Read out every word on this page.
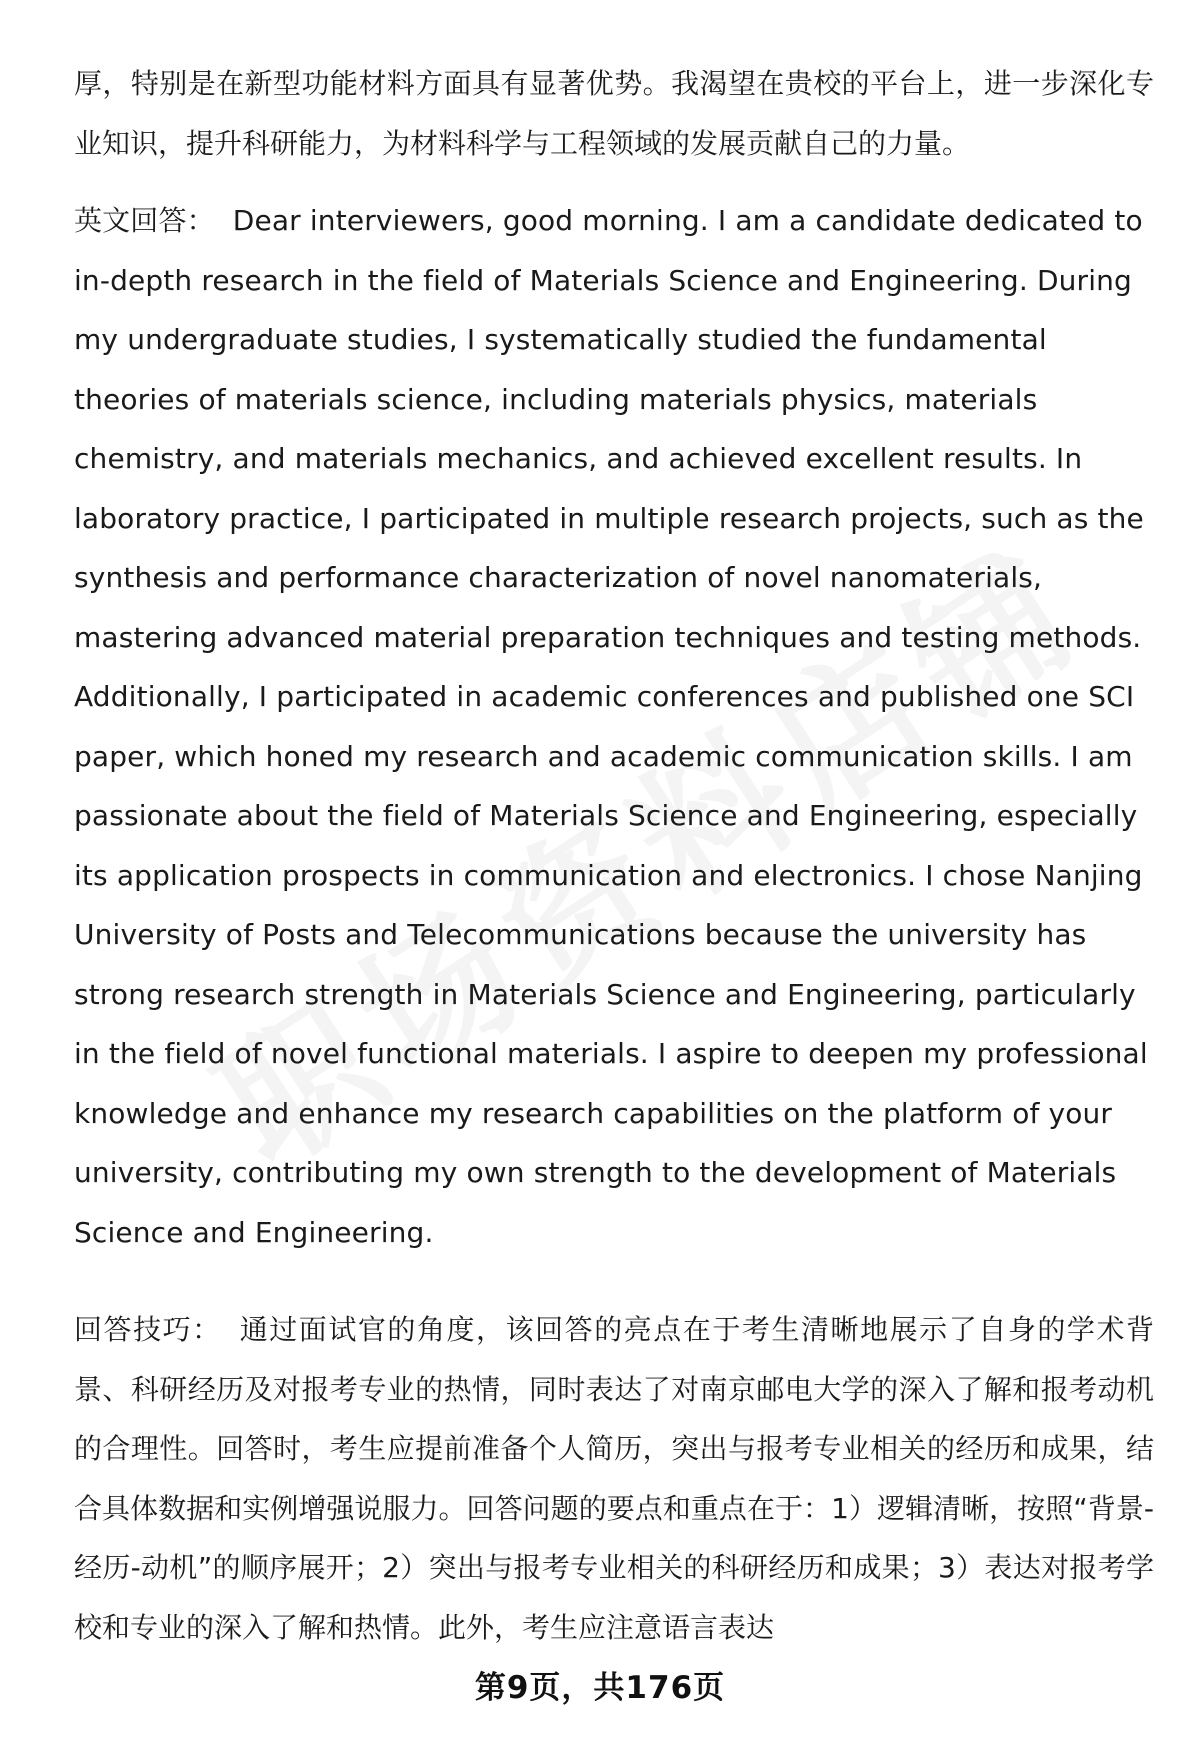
厚，特别是在新型功能材料方面具有显著优势。我渴望在贵校的平台上，进一步深化专业知识，提升科研能力，为材料科学与工程领域的发展贡献自己的力量。

英文回答： Dear interviewers, good morning. I am a candidate dedicated to in-depth research in the field of Materials Science and Engineering. During my undergraduate studies, I systematically studied the fundamental theories of materials science, including materials physics, materials chemistry, and materials mechanics, and achieved excellent results. In laboratory practice, I participated in multiple research projects, such as the synthesis and performance characterization of novel nanomaterials, mastering advanced material preparation techniques and testing methods. Additionally, I participated in academic conferences and published one SCI paper, which honed my research and academic communication skills. I am passionate about the field of Materials Science and Engineering, especially its application prospects in communication and electronics. I chose Nanjing University of Posts and Telecommunications because the university has strong research strength in Materials Science and Engineering, particularly in the field of novel functional materials. I aspire to deepen my professional knowledge and enhance my research capabilities on the platform of your university, contributing my own strength to the development of Materials Science and Engineering.

回答技巧： 通过面试官的角度，该回答的亮点在于考生清晰地展示了自身的学术背景、科研经历及对报考专业的热情，同时表达了对南京邮电大学的深入了解和报考动机的合理性。回答时，考生应提前准备个人简历，突出与报考专业相关的经历和成果，结合具体数据和实例增强说服力。回答问题的要点和重点在于：1）逻辑清晰，按照“背景-经历-动机”的顺序展开；2）突出与报考专业相关的科研经历和成果；3）表达对报考学校和专业的深入了解和热情。此外，考生应注意语言表达

第9页，共176页
